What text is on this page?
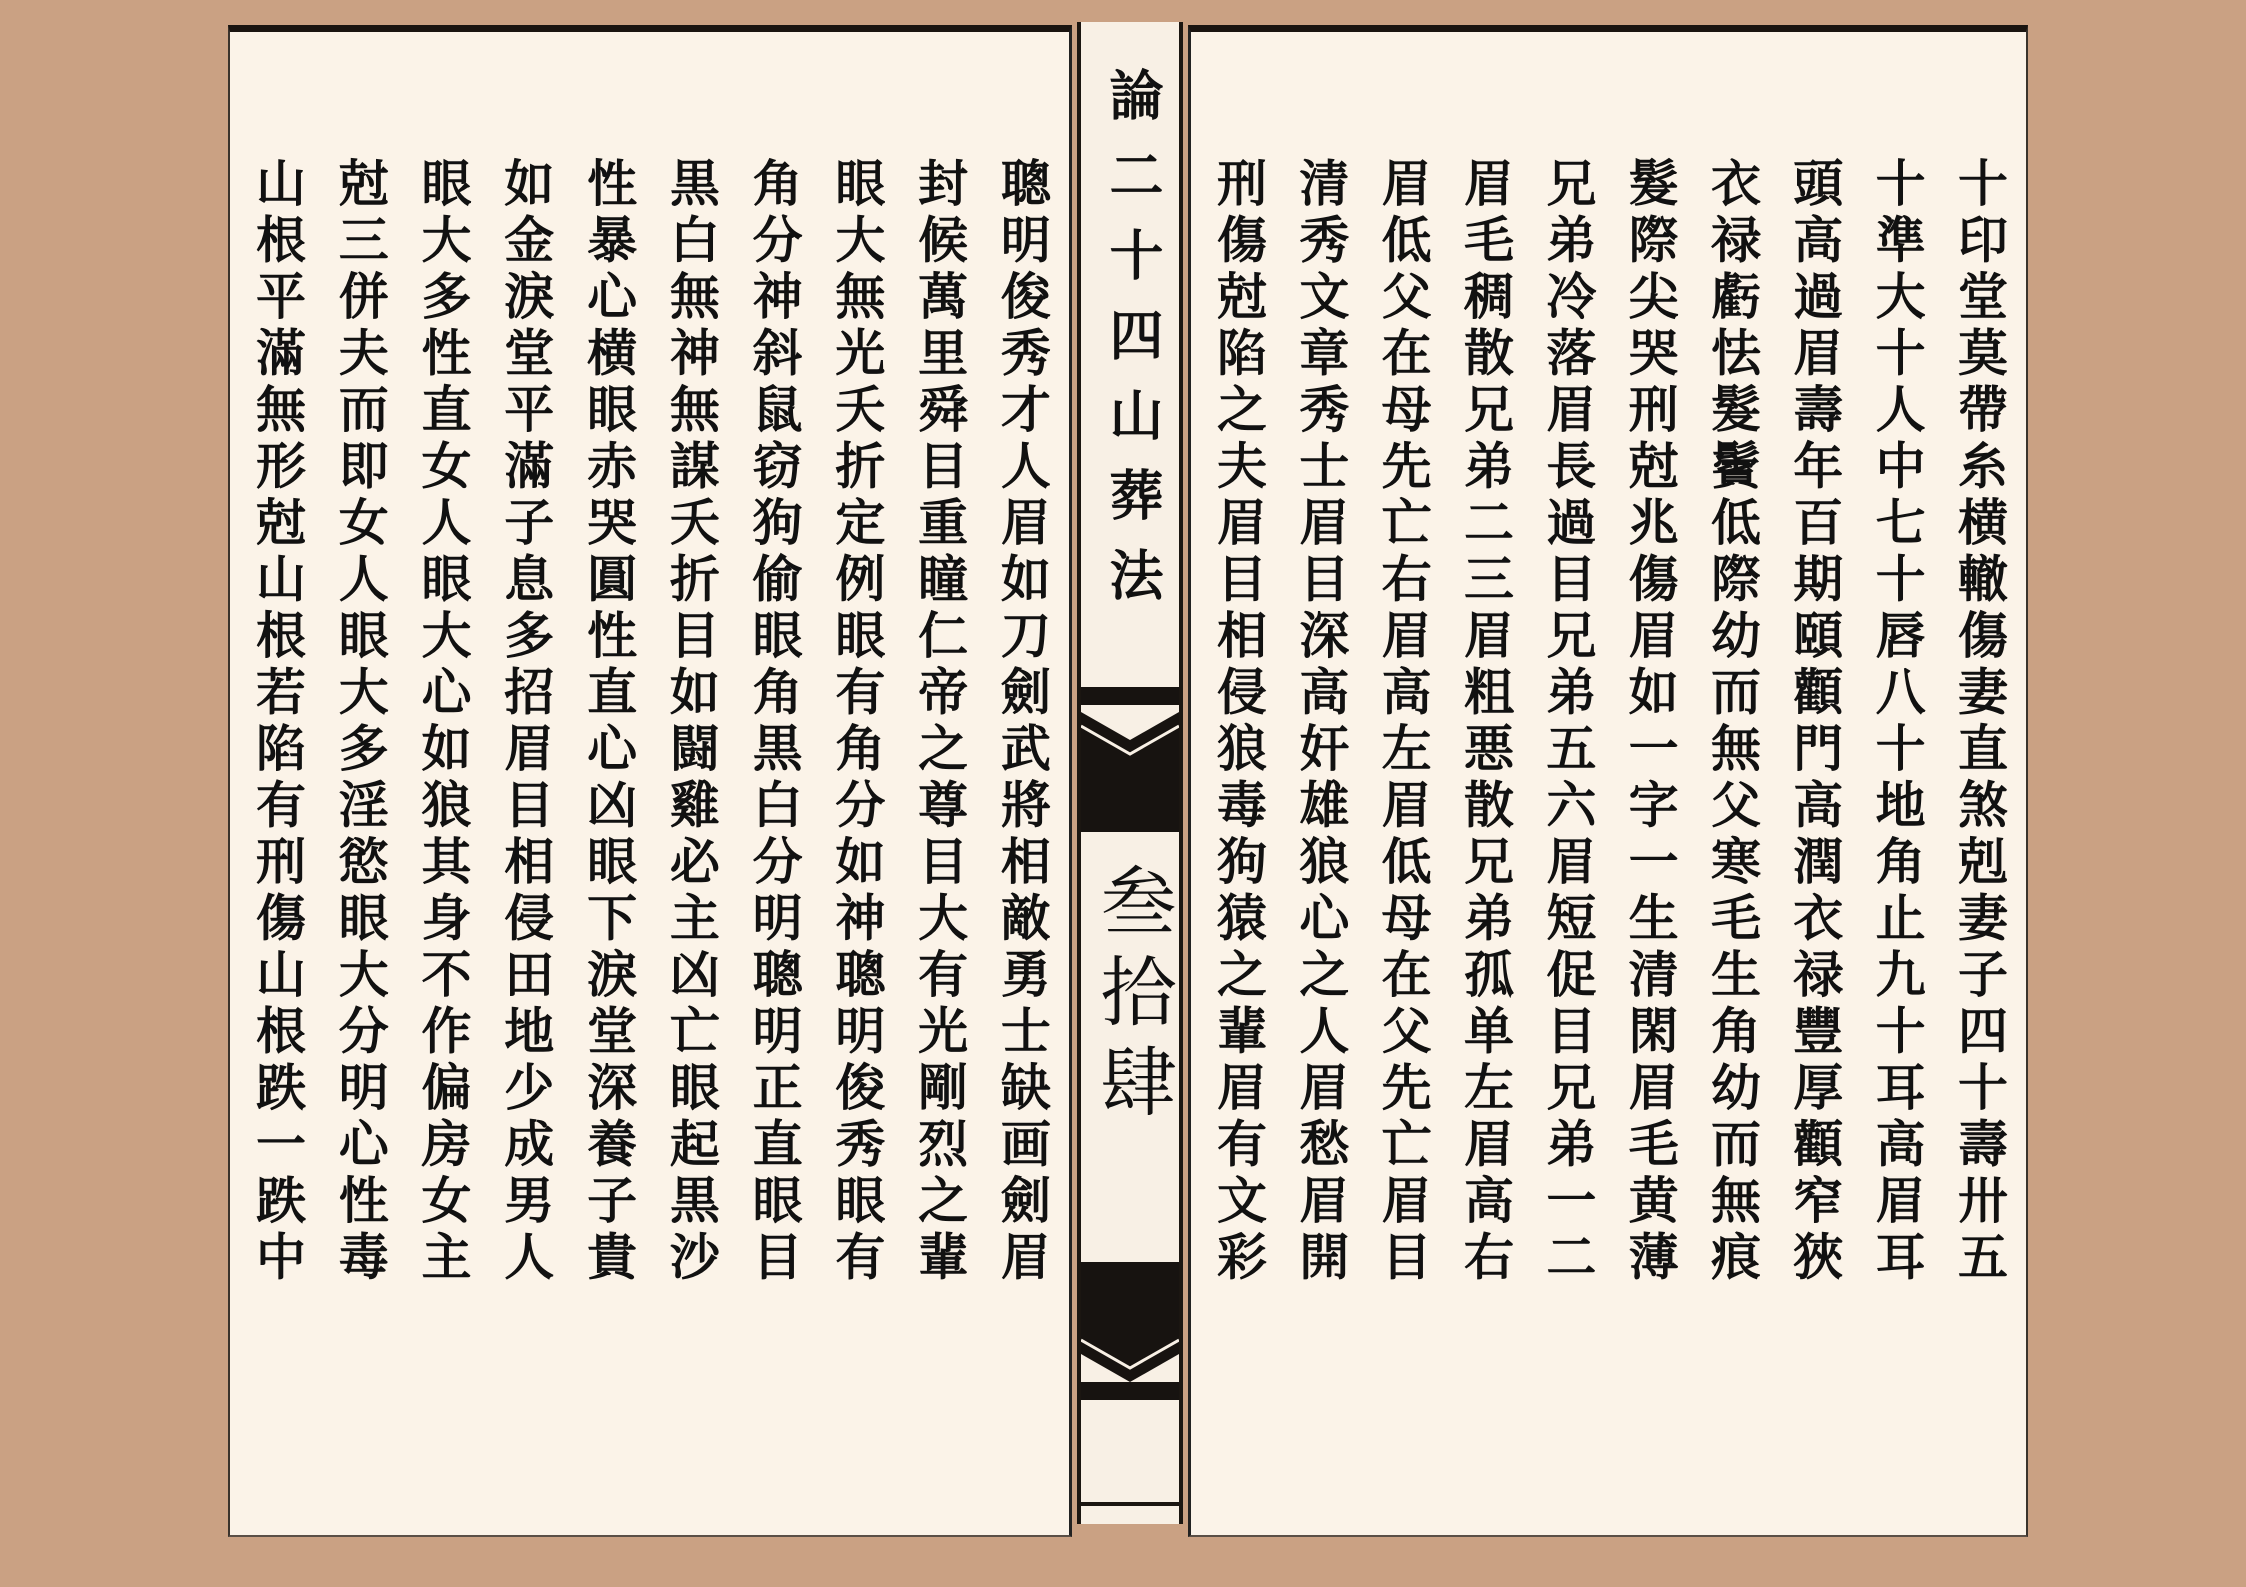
聰明俊秀才人眉如刀劍武將相敵勇士缺画劍眉
封候萬里舜目重瞳仁帝之尊目大有光剛烈之輩
眼大無光夭折定例眼有角分如神聰明俊秀眼有
角分神斜鼠窃狗偷眼角黒白分明聰明正直眼目
黒白無神無謀夭折目如闘雞必主凶亡眼起黒沙
性暴心横眼赤哭圓性直心凶眼下淚堂深養子貴
如金淚堂平滿子息多招眉目相侵田地少成男人
眼大多性直女人眼大心如狼其身不作偏房女主
尅三併夫而即女人眼大多淫慾眼大分明心性毒
山根平滿無形尅山根若陷有刑傷山根跌一跌中	論二十四山葬法
叁拾肆	十印堂莫帶糸横轍傷妻直煞剋妻子四十壽卅五
十準大十人中七十唇八十地角止九十耳高眉耳
頭高過眉壽年百期頤顴門高潤衣禄豐厚顴窄狹
衣禄虧怯髮鬢低際幼而無父寒毛生角幼而無痕
髮際尖哭刑尅兆傷眉如一字一生清閑眉毛黄薄
兄弟冷落眉長過目兄弟五六眉短促目兄弟一二
眉毛稠散兄弟二三眉粗悪散兄弟孤单左眉高右
眉低父在母先亡右眉高左眉低母在父先亡眉目
清秀文章秀士眉目深高奸雄狼心之人眉愁眉開
刑傷尅陷之夫眉目相侵狼毒狗猿之輩眉有文彩
